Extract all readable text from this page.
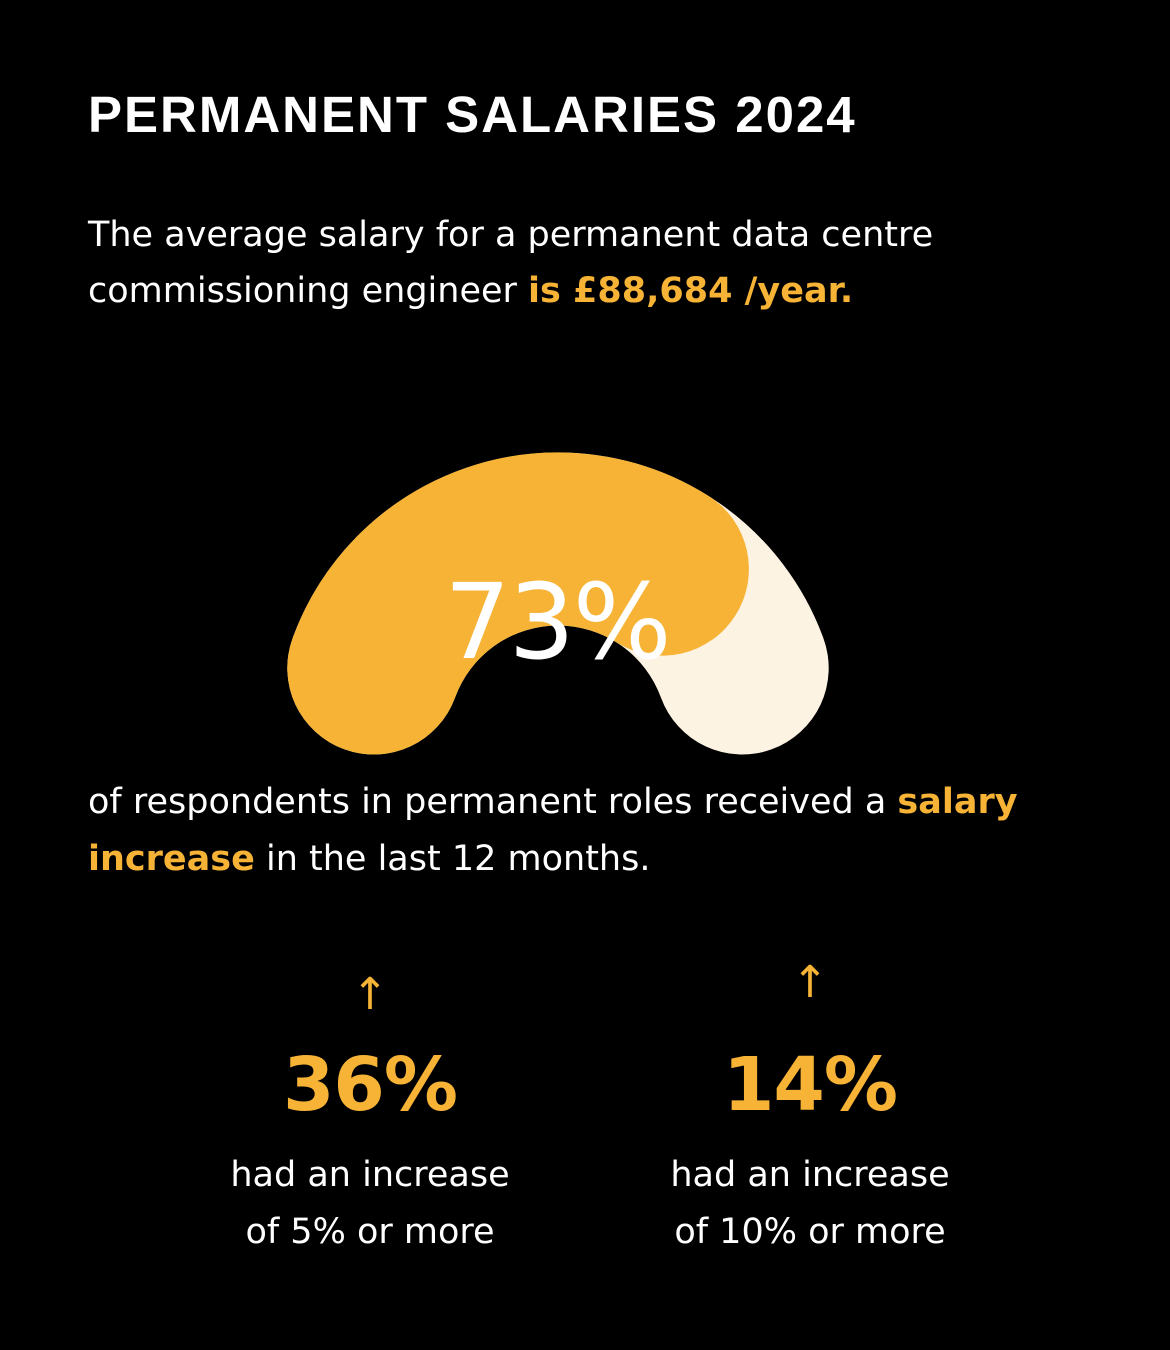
PERMANENT SALARIES 2024

The average salary for a permanent data centre commissioning engineer is £88,684 /year.

73%

of respondents in permanent roles received a salary increase in the last 12 months.

↑
36%
had an increase
of 5% or more
↑
14%
had an increase
of 10% or more
